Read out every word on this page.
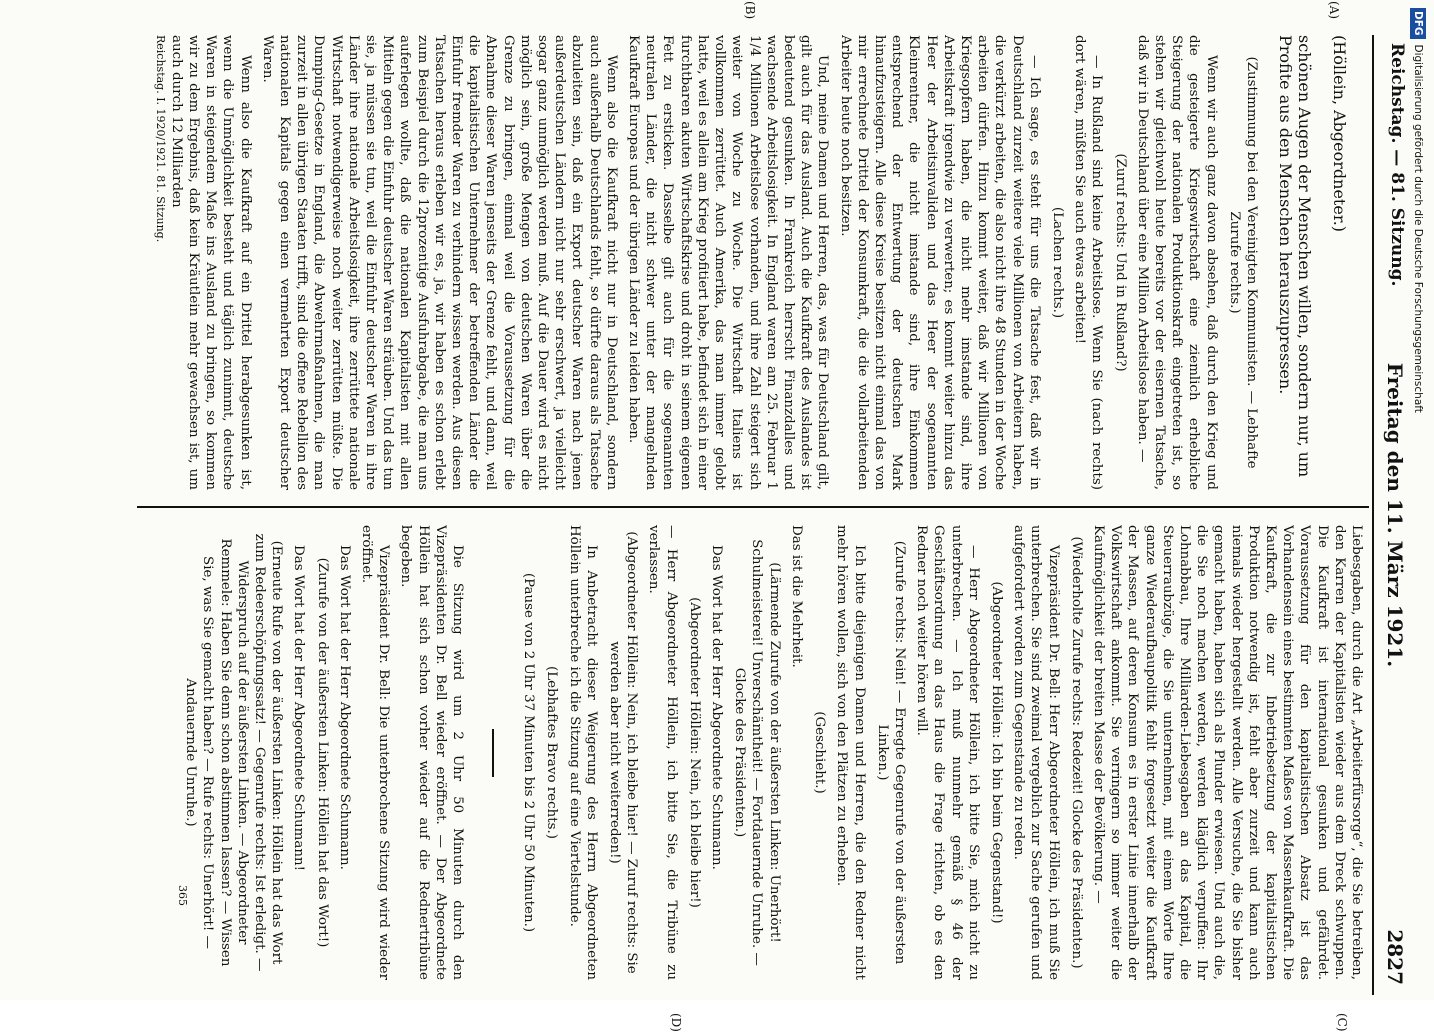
Reichstag. — 81. Sitzung.
Freitag den 11. März 1921.
2827
(A)
(B)
(C)
(D)

(Höllein, Abgeordneter.)

schönen Augen der Menschen willen, sondern nur, um Profite aus den Menschen herauszupressen.

(Zustimmung bei den Vereinigten Kommunisten. — Lebhafte Zurufe rechts.)

Wenn wir auch ganz davon absehen, daß durch den Krieg und die gesteigerte Kriegswirtschaft eine ziemlich erhebliche Steigerung der nationalen Produktionskraft eingetreten ist, so stehen wir gleichwohl heute bereits vor der eisernen Tatsache, daß wir in Deutschland über eine Million Arbeitslose haben. —

(Zuruf rechts: Und in Rußland?)

— In Rußland sind keine Arbeitslose. Wenn Sie (nach rechts) dort wären, müßten Sie auch etwas arbeiten!

(Lachen rechts.)

— Ich sage, es steht für uns die Tatsache fest, daß wir in Deutschland zurzeit weitere viele Millionen von Arbeitern haben, die verkürzt arbeiten, die also nicht ihre 48 Stunden in der Woche arbeiten dürfen. Hinzu kommt weiter, daß wir Millionen von Kriegsopfern haben, die nicht mehr imstande sind, ihre Arbeitskraft irgendwie zu verwerten; es kommt weiter hinzu das Heer der Arbeitsinvaliden und das Heer der sogenannten Kleinrentner, die nicht imstande sind, ihre Einkommen entsprechend der Entwertung der deutschen Mark hinaufzusteigern. Alle diese Kreise besitzen nicht einmal das von mir errechnete Drittel der Konsumkraft, die die vollarbeitenden Arbeiter heute noch besitzen.

Und, meine Damen und Herren, das, was für Deutschland gilt, gilt auch für das Ausland. Auch die Kaufkraft des Auslandes ist bedeutend gesunken. In Frankreich herrscht Finanzdalles und wachsende Arbeitslosigkeit. In England waren am 25. Februar 1 1/4 Millionen Arbeitslose vorhanden, und ihre Zahl steigert sich weiter von Woche zu Woche. Die Wirtschaft Italiens ist vollkommen zerrüttet. Auch Amerika, das man immer gelobt hatte, weil es allein am Krieg profitiert habe, befindet sich in einer furchtbaren akuten Wirtschaftskrise und droht in seinem eigenen Fett zu ersticken. Dasselbe gilt auch für die sogenannten neutralen Länder, die nicht schwer unter der mangelnden Kaufkraft Europas und der übrigen Länder zu leiden haben.

Wenn also die Kaufkraft nicht nur in Deutschland, sondern auch außerhalb Deutschlands fehlt, so dürfte daraus als Tatsache abzuleiten sein, daß ein Export deutscher Waren nach jenen außerdeutschen Ländern nicht nur sehr erschwert, ja vielleicht sogar ganz unmöglich werden muß. Auf die Dauer wird es nicht möglich sein, große Mengen von deutschen Waren über die Grenze zu bringen, einmal weil die Voraussetzung für die Abnahme dieser Waren jenseits der Grenze fehlt, und dann, weil die kapitalistischen Unternehmer der betreffenden Länder die Einfuhr fremder Waren zu verhindern wissen werden. Aus diesen Tatsachen heraus erleben wir es, ja, wir haben es schon erlebt zum Beispiel durch die 12prozentige Ausfuhrabgabe, die man uns auferlegen wollte, daß die nationalen Kapitalisten mit allen Mitteln gegen die Einfuhr deutscher Waren sträuben. Und das tun sie, ja müssen sie tun, weil die Einfuhr deutscher Waren in ihre Länder ihre nationale Arbeitslosigkeit, ihre zerrüttete nationale Wirtschaft notwendigerweise noch weiter zerrütten müßte. Die Dumping-Gesetze in England, die Abwehrmaßnahmen, die man zurzeit in allen übrigen Staaten trifft, sind die offene Rebellion des nationalen Kapitals gegen einen vermehrten Export deutscher Waren.

Wenn also die Kaufkraft auf ein Drittel herabgesunken ist, wenn die Unmöglichkeit besteht und täglich zunimmt, deutsche Waren in steigendem Maße ins Ausland zu bringen, so kommen wir zu dem Ergebnis, daß kein Kräutlein mehr gewachsen ist, um auch durch 12 Milliarden

Liebesgaben, durch die Art „Arbeiterfürsorge“, die Sie betreiben, den Karren der Kapitalisten wieder aus dem Dreck schwuppen. Die Kaufkraft ist international gesunken und gefährdet. Voraussetzung für den kapitalistischen Absatz ist das Vorhandensein eines bestimmten Maßes von Massenkaufkraft. Die Kaufkraft, die zur Inbetriebsetzung der kapitalistischen Produktion notwendig ist, fehlt aber zurzeit und kann auch niemals wieder hergestellt werden. Alle Versuche, die Sie bisher gemacht haben, haben sich als Plunder erwiesen. Und auch die, die Sie noch machen werden, werden kläglich verpuffen: Ihr Lohnabbau, Ihre Milliarden-Liebesgaben an das Kapital, die Steuerraubzüge, die Sie unternehmen, mit einem Worte Ihre ganze Wiederaufbaupolitik fehlt forgesetzt weiter die Kaufkraft der Massen, auf deren Konsum es in erster Linie innerhalb der Volkswirtschaft ankommt. Sie verringern so immer weiter die Kaufmöglichkeit der breiten Masse der Bevölkerung. —

(Wiederholte Zurufe rechts: Redezeit! Glocke des Präsidenten.)

Vizepräsident Dr. Bell: Herr Abgeordneter Höllein, ich muß Sie unterbrechen. Sie sind zweimal vergeblich zur Sache gerufen und aufgefordert worden zum Gegenstande zu reden.

(Abgeordneter Höllein: Ich bin beim Gegenstand!)

— Herr Abgeordneter Höllein, ich bitte Sie, mich nicht zu unterbrechen. — Ich muß nunmehr gemäß § 46 der Geschäftsordnung an das Haus die Frage richten, ob es den Redner noch weiter hören will.

(Zurufe rechts: Nein! — Erregte Gegenrufe von der äußersten Linken.)

Ich bitte diejenigen Damen und Herren, die den Redner nicht mehr hören wollen, sich von den Plätzen zu erheben.

(Geschieht.)

Das ist die Mehrheit.

(Lärmende Zurufe von der äußersten Linken: Unerhört! Schulmeisterei! Unverschämtheit! — Fortdauernde Unruhe. — Glocke des Präsidenten.)

Das Wort hat der Herr Abgeordnete Schumann.

(Abgeordneter Höllein: Nein, ich bleibe hier!)

— Herr Abgeordneter Höllein, ich bitte Sie, die Tribüne zu verlassen.

(Abgeordneter Höllein: Nein, ich bleibe hier! — Zuruf rechts: Sie werden aber nicht weiterreden!)

In Anbetracht dieser Weigerung des Herrn Abgeordneten Höllein unterbreche ich die Sitzung auf eine Viertelstunde.

(Lebhaftes Bravo rechts.)

(Pause von 2 Uhr 37 Minuten bis 2 Uhr 50 Minuten.)

Die Sitzung wird um 2 Uhr 50 Minuten durch den Vizepräsidenten Dr. Bell wieder eröffnet. — Der Abgeordnete Höllein hat sich schon vorher wieder auf die Rednertribüne begeben.

Vizepräsident Dr. Bell: Die unterbrochene Sitzung wird wieder eröffnet.

Das Wort hat der Herr Abgeordnete Schumann.

(Zurufe von der äußersten Linken: Höllein hat das Wort!)

Das Wort hat der Herr Abgeordnete Schumann!

(Erneute Rufe von der äußersten Linken: Höllein hat das Wort zum Redeerschöpfungssatz! — Gegenrufe rechts: Ist erledigt. — Widerspruch auf der äußersten Linken. — Abgeordneter Remmele: Haben Sie denn schon abstimmen lassen? — Wissen Sie, was Sie gemacht haben? — Rufe rechts: Unerhört! — Andauernde Unruhe.)

365
Reichstag. I. 1920/1921. 81. Sitzung.
DFGDigitalisierung gefördert durch die Deutsche Forschungsgemeinschaft
